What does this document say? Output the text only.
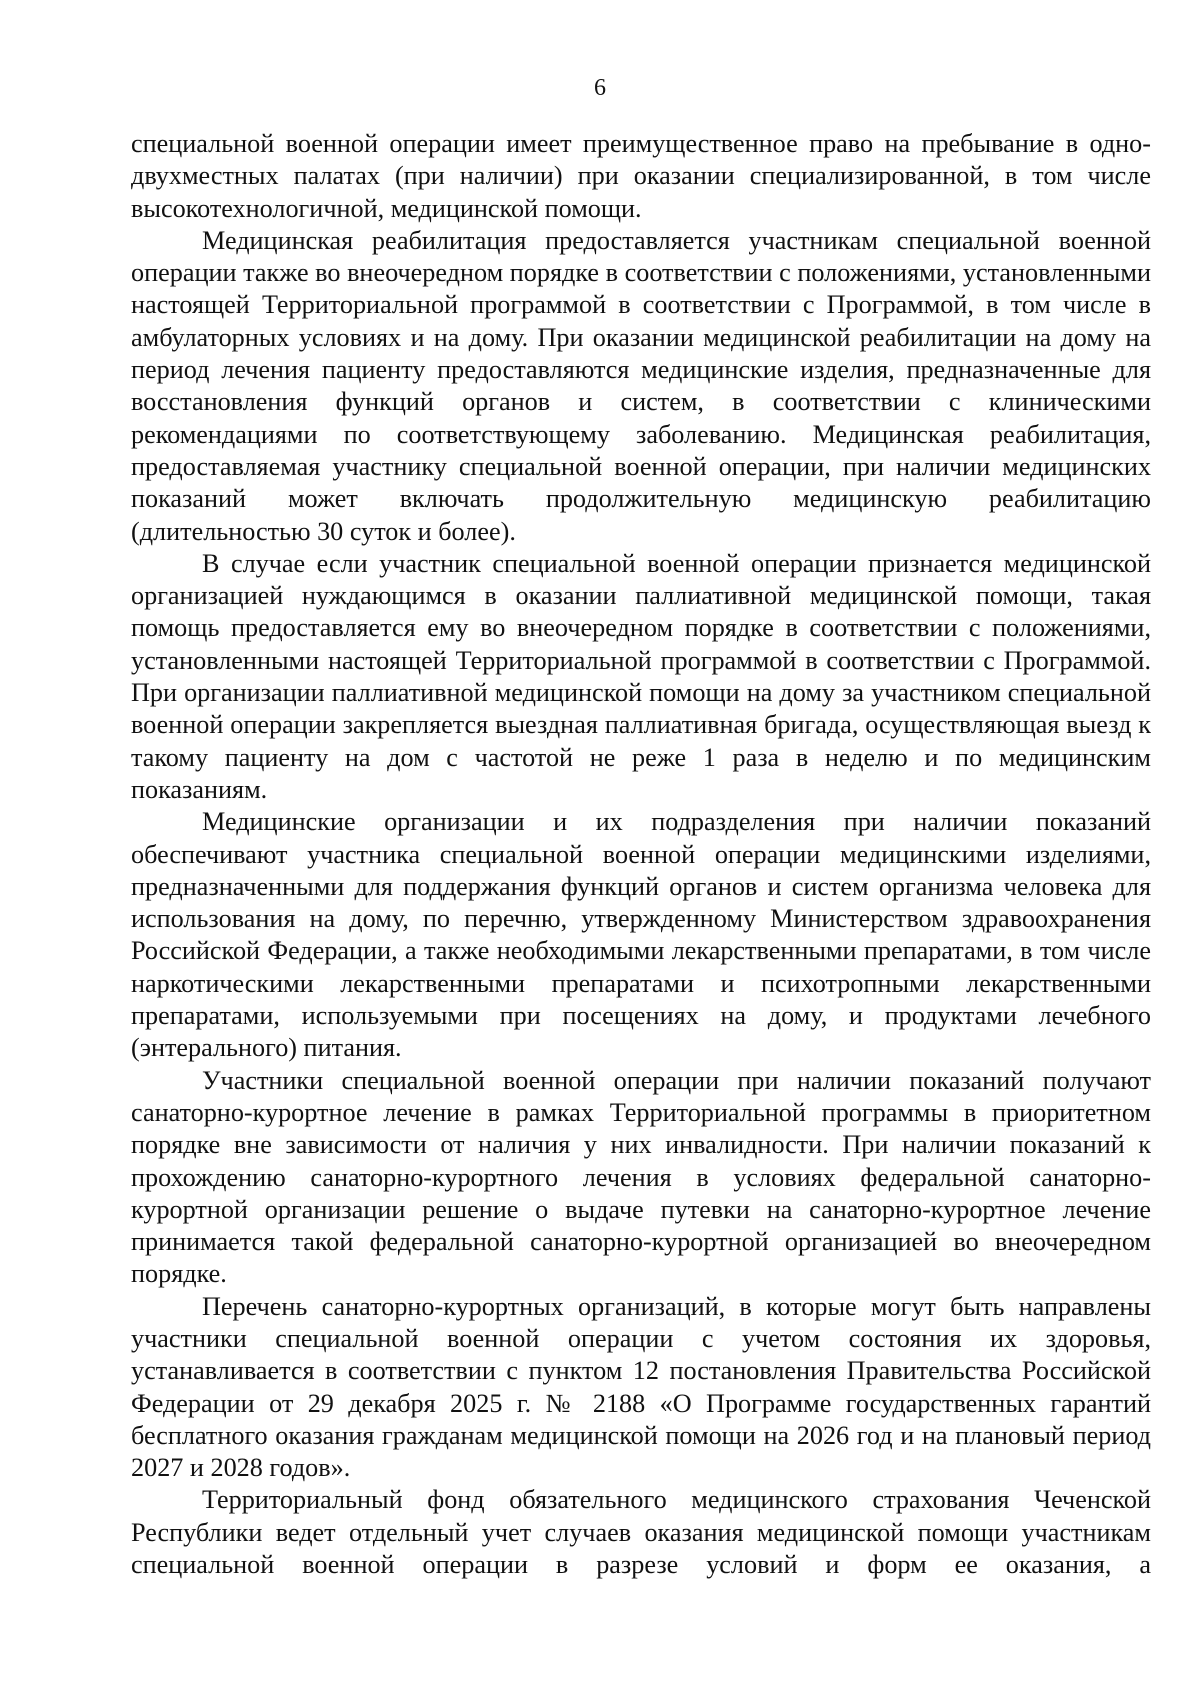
6

специальной военной операции имеет преимущественное право на пребывание в одно-двухместных палатах (при наличии) при оказании специализированной, в том числе высокотехнологичной, медицинской помощи.

Медицинская реабилитация предоставляется участникам специальной военной операции также во внеочередном порядке в соответствии с положениями, установленными настоящей Территориальной программой в соответствии с Программой, в том числе в амбулаторных условиях и на дому. При оказании медицинской реабилитации на дому на период лечения пациенту предоставляются медицинские изделия, предназначенные для восстановления функций органов и систем, в соответствии с клиническими рекомендациями по соответствующему заболеванию. Медицинская реабилитация, предоставляемая участнику специальной военной операции, при наличии медицинских показаний может включать продолжительную медицинскую реабилитацию (длительностью 30 суток и более).

В случае если участник специальной военной операции признается медицинской организацией нуждающимся в оказании паллиативной медицинской помощи, такая помощь предоставляется ему во внеочередном порядке в соответствии с положениями, установленными настоящей Территориальной программой в соответствии с Программой. При организации паллиативной медицинской помощи на дому за участником специальной военной операции закрепляется выездная паллиативная бригада, осуществляющая выезд к такому пациенту на дом с частотой не реже 1 раза в неделю и по медицинским показаниям.

Медицинские организации и их подразделения при наличии показаний обеспечивают участника специальной военной операции медицинскими изделиями, предназначенными для поддержания функций органов и систем организма человека для использования на дому, по перечню, утвержденному Министерством здравоохранения Российской Федерации, а также необходимыми лекарственными препаратами, в том числе наркотическими лекарственными препаратами и психотропными лекарственными препаратами, используемыми при посещениях на дому, и продуктами лечебного (энтерального) питания.

Участники специальной военной операции при наличии показаний получают санаторно-курортное лечение в рамках Территориальной программы в приоритетном порядке вне зависимости от наличия у них инвалидности. При наличии показаний к прохождению санаторно-курортного лечения в условиях федеральной санаторно-курортной организации решение о выдаче путевки на санаторно-курортное лечение принимается такой федеральной санаторно-курортной организацией во внеочередном порядке.

Перечень санаторно-курортных организаций, в которые могут быть направлены участники специальной военной операции с учетом состояния их здоровья, устанавливается в соответствии с пунктом 12 постановления Правительства Российской Федерации от 29 декабря 2025 г. № 2188 «О Программе государственных гарантий бесплатного оказания гражданам медицинской помощи на 2026 год и на плановый период 2027 и 2028 годов».

Территориальный фонд обязательного медицинского страхования Чеченской Республики ведет отдельный учет случаев оказания медицинской помощи участникам специальной военной операции в разрезе условий и форм ее оказания, а
